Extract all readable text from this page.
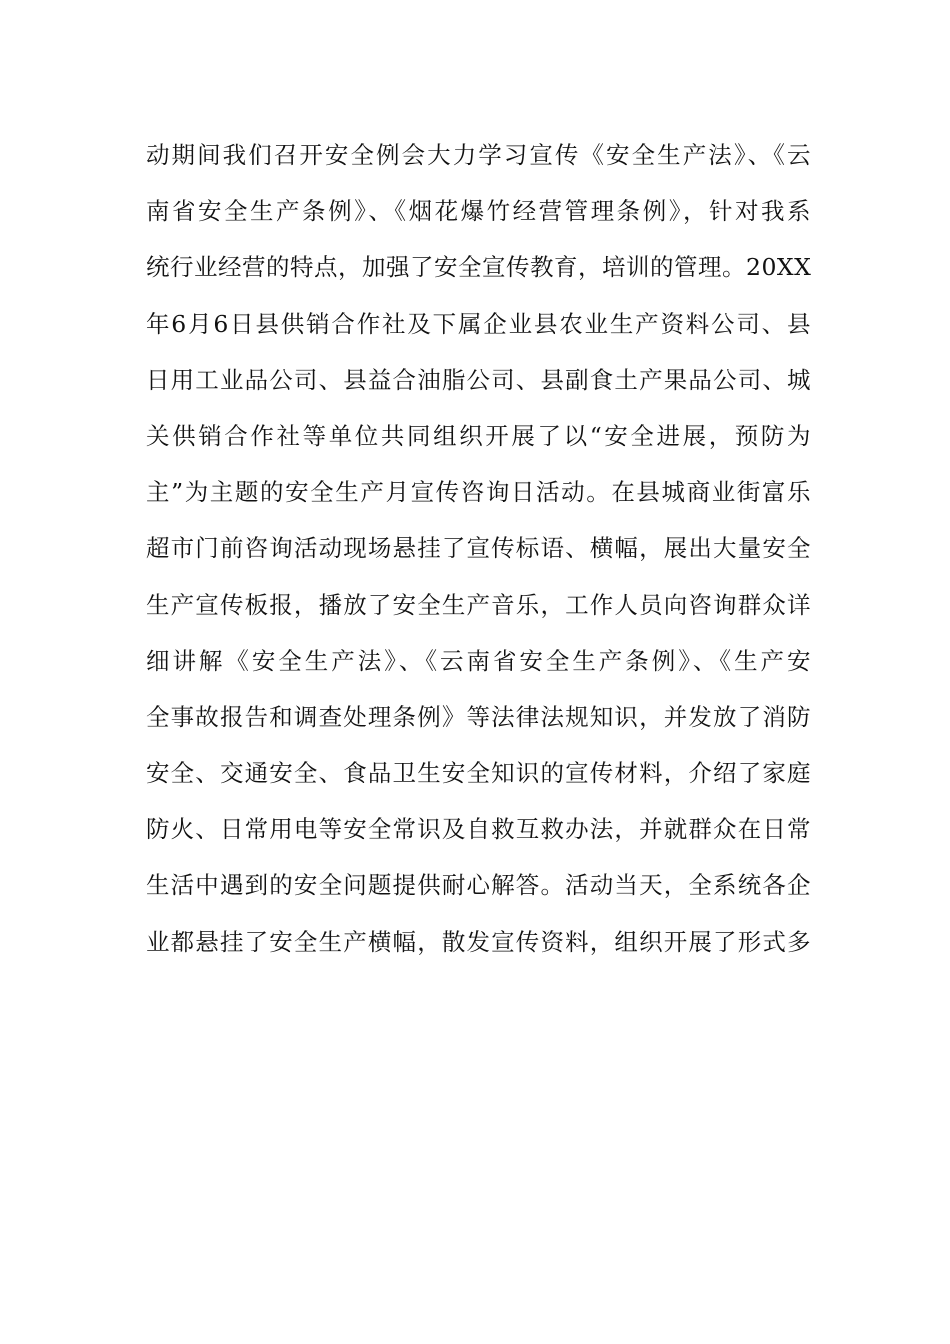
动期间我们召开安全例会大力学习宣传《安全生产法》、《云
南省安全生产条例》、《烟花爆竹经营管理条例》，针对我系
统行业经营的特点，加强了安全宣传教育，培训的管理。20XX
年6月6日县供销合作社及下属企业县农业生产资料公司、县
日用工业品公司、县益合油脂公司、县副食土产果品公司、城
关供销合作社等单位共同组织开展了以“安全进展，预防为
主”为主题的安全生产月宣传咨询日活动。在县城商业街富乐
超市门前咨询活动现场悬挂了宣传标语、横幅，展出大量安全
生产宣传板报，播放了安全生产音乐，工作人员向咨询群众详
细讲解《安全生产法》、《云南省安全生产条例》、《生产安
全事故报告和调查处理条例》等法律法规知识，并发放了消防
安全、交通安全、食品卫生安全知识的宣传材料，介绍了家庭
防火、日常用电等安全常识及自救互救办法，并就群众在日常
生活中遇到的安全问题提供耐心解答。活动当天，全系统各企
业都悬挂了安全生产横幅，散发宣传资料，组织开展了形式多
